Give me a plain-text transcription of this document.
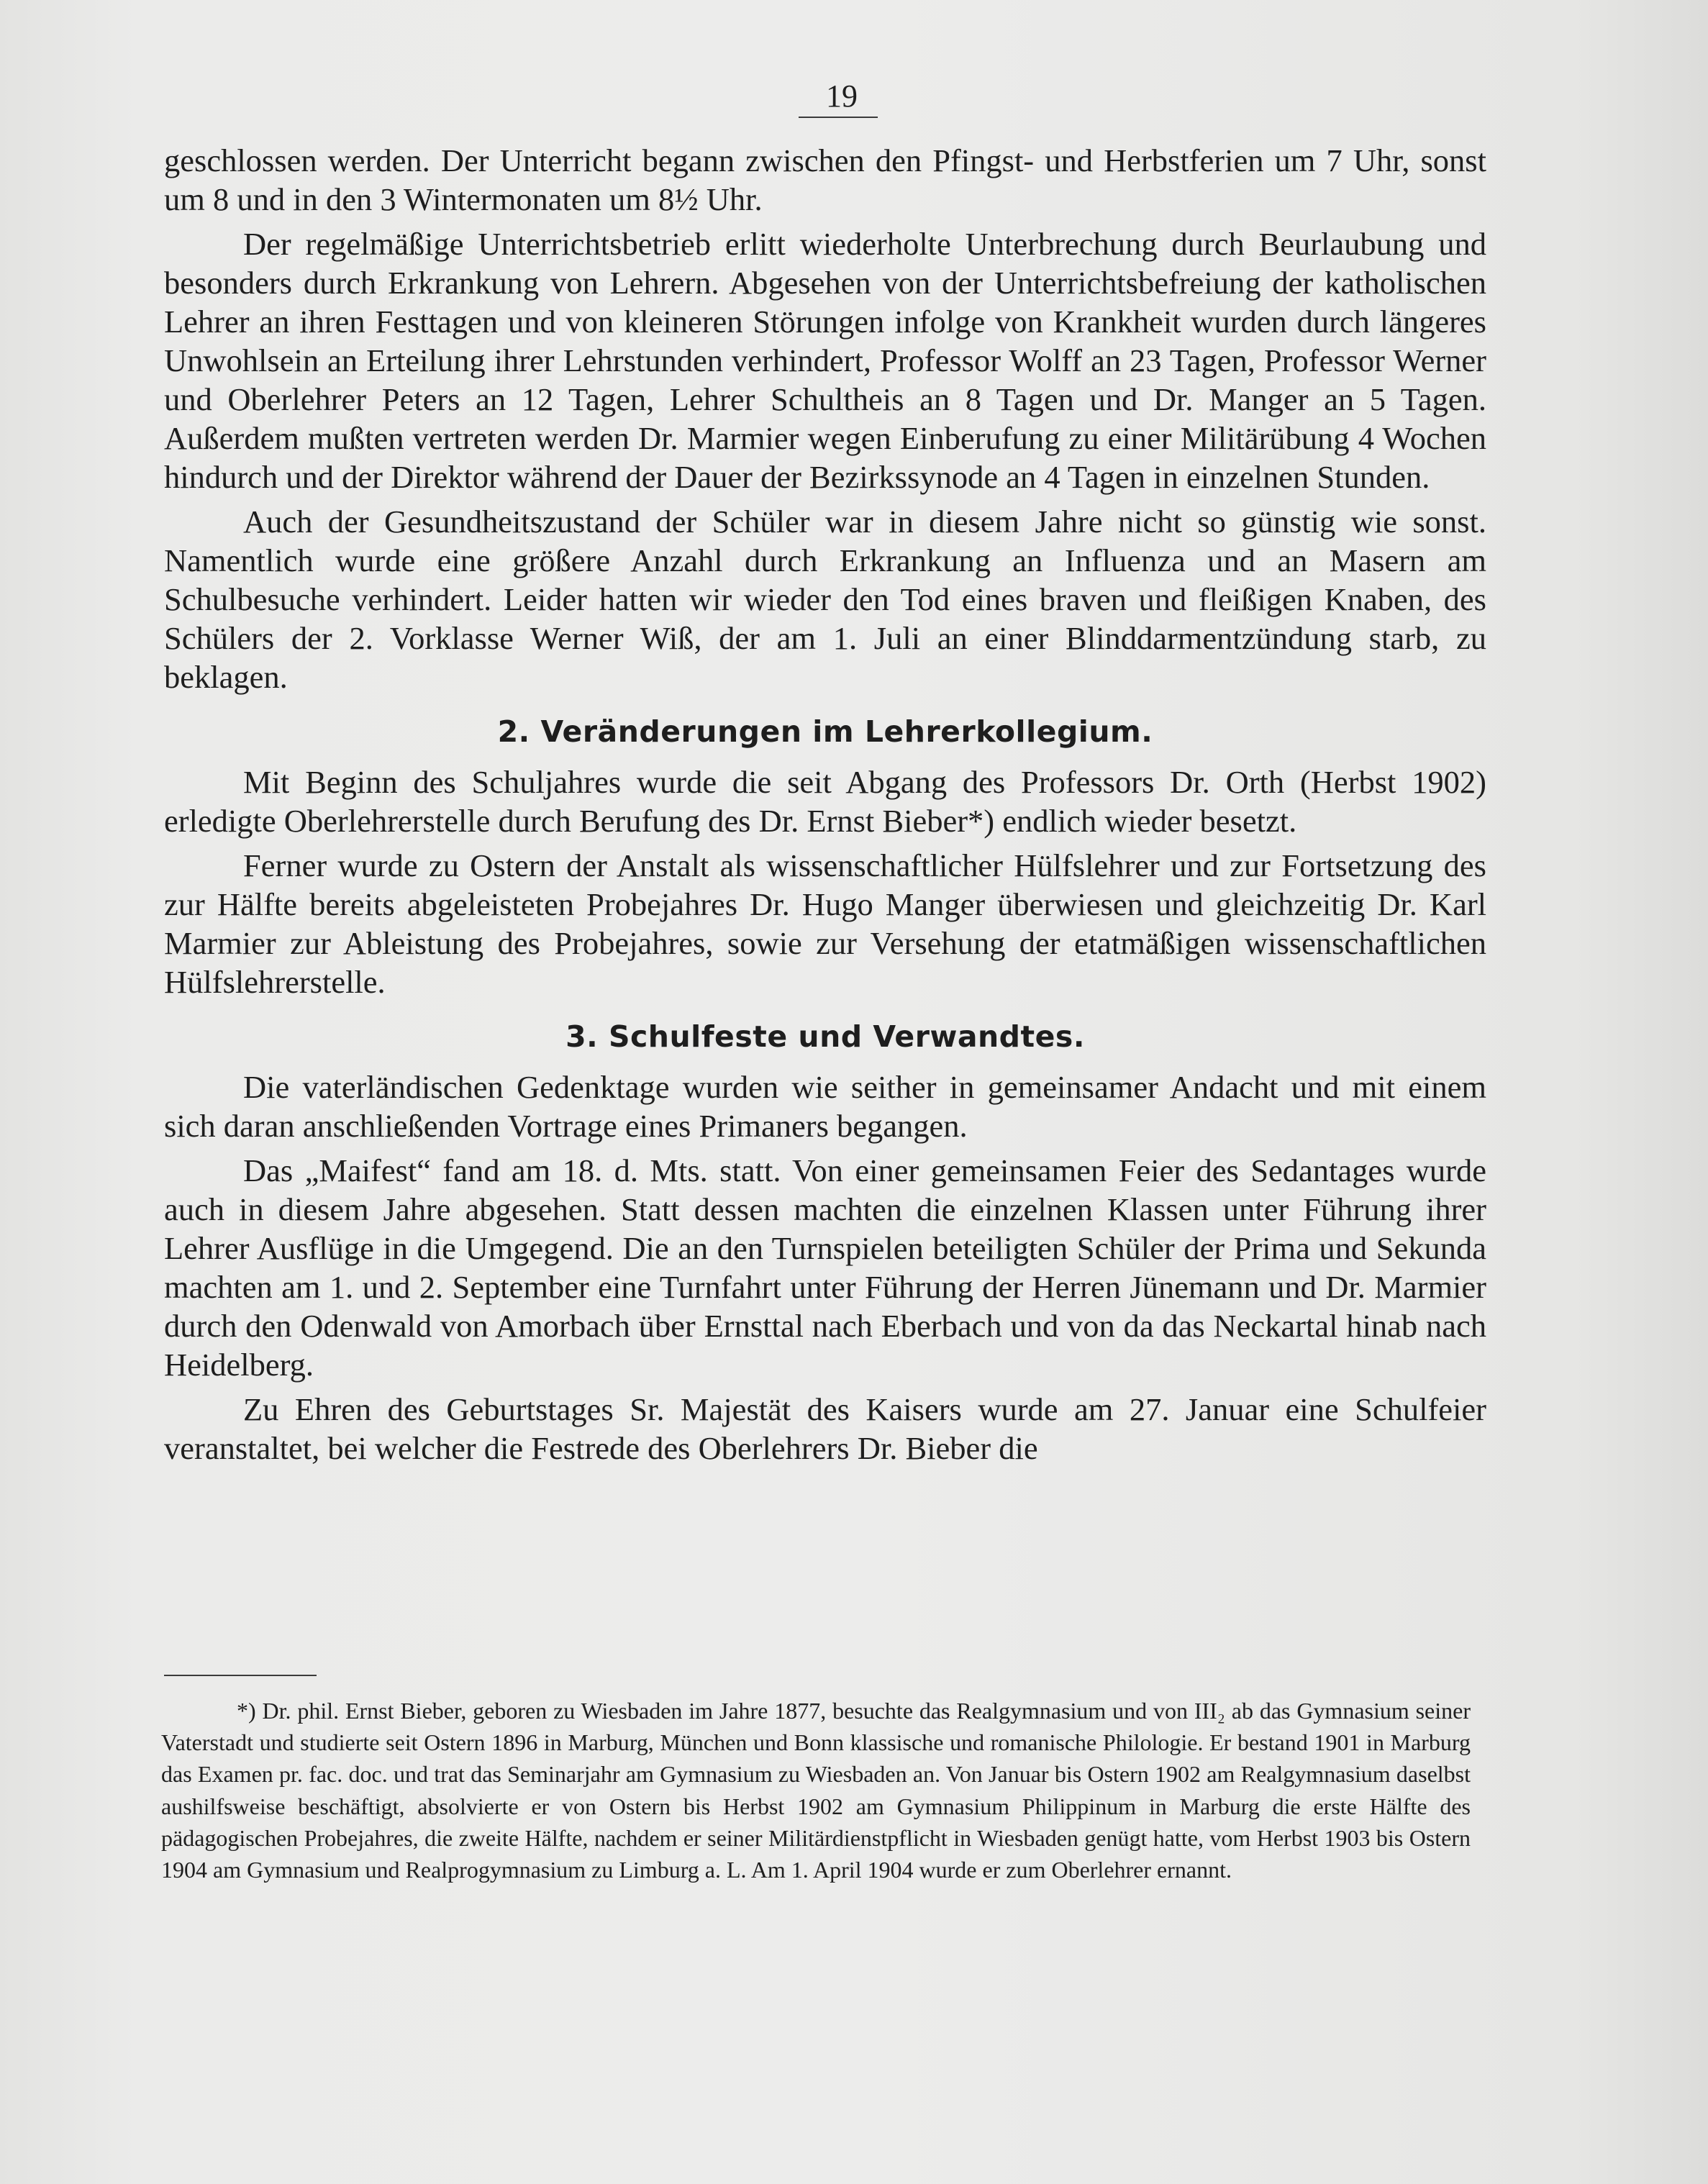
19

geschlossen werden. Der Unterricht begann zwischen den Pfingst- und Herbstferien um 7 Uhr, sonst um 8 und in den 3 Wintermonaten um 8½ Uhr.

Der regelmäßige Unterrichtsbetrieb erlitt wiederholte Unterbrechung durch Beurlaubung und besonders durch Erkrankung von Lehrern. Abgesehen von der Unterrichtsbefreiung der katholischen Lehrer an ihren Festtagen und von kleineren Störungen infolge von Krankheit wurden durch längeres Unwohlsein an Erteilung ihrer Lehrstunden verhindert, Professor Wolff an 23 Tagen, Professor Werner und Oberlehrer Peters an 12 Tagen, Lehrer Schultheis an 8 Tagen und Dr. Manger an 5 Tagen. Außerdem mußten vertreten werden Dr. Marmier wegen Einberufung zu einer Militärübung 4 Wochen hindurch und der Direktor während der Dauer der Bezirkssynode an 4 Tagen in einzelnen Stunden.

Auch der Gesundheitszustand der Schüler war in diesem Jahre nicht so günstig wie sonst. Namentlich wurde eine größere Anzahl durch Erkrankung an Influenza und an Masern am Schulbesuche verhindert. Leider hatten wir wieder den Tod eines braven und fleißigen Knaben, des Schülers der 2. Vorklasse Werner Wiß, der am 1. Juli an einer Blinddarmentzündung starb, zu beklagen.

2. Veränderungen im Lehrerkollegium.

Mit Beginn des Schuljahres wurde die seit Abgang des Professors Dr. Orth (Herbst 1902) erledigte Oberlehrerstelle durch Berufung des Dr. Ernst Bieber*) endlich wieder besetzt.

Ferner wurde zu Ostern der Anstalt als wissenschaftlicher Hülfslehrer und zur Fortsetzung des zur Hälfte bereits abgeleisteten Probejahres Dr. Hugo Manger überwiesen und gleichzeitig Dr. Karl Marmier zur Ableistung des Probejahres, sowie zur Versehung der etatmäßigen wissenschaftlichen Hülfslehrerstelle.

3. Schulfeste und Verwandtes.

Die vaterländischen Gedenktage wurden wie seither in gemeinsamer Andacht und mit einem sich daran anschließenden Vortrage eines Primaners begangen.

Das „Maifest“ fand am 18. d. Mts. statt. Von einer gemeinsamen Feier des Sedantages wurde auch in diesem Jahre abgesehen. Statt dessen machten die einzelnen Klassen unter Führung ihrer Lehrer Ausflüge in die Umgegend. Die an den Turnspielen beteiligten Schüler der Prima und Sekunda machten am 1. und 2. September eine Turnfahrt unter Führung der Herren Jünemann und Dr. Marmier durch den Odenwald von Amorbach über Ernsttal nach Eberbach und von da das Neckartal hinab nach Heidelberg.

Zu Ehren des Geburtstages Sr. Majestät des Kaisers wurde am 27. Januar eine Schulfeier veranstaltet, bei welcher die Festrede des Oberlehrers Dr. Bieber die

*) Dr. phil. Ernst Bieber, geboren zu Wiesbaden im Jahre 1877, besuchte das Realgymnasium und von III₂ ab das Gymnasium seiner Vaterstadt und studierte seit Ostern 1896 in Marburg, München und Bonn klassische und romanische Philologie. Er bestand 1901 in Marburg das Examen pr. fac. doc. und trat das Seminarjahr am Gymnasium zu Wiesbaden an. Von Januar bis Ostern 1902 am Realgymnasium daselbst aushilfsweise beschäftigt, absolvierte er von Ostern bis Herbst 1902 am Gymnasium Philippinum in Marburg die erste Hälfte des pädagogischen Probejahres, die zweite Hälfte, nachdem er seiner Militärdienstpflicht in Wiesbaden genügt hatte, vom Herbst 1903 bis Ostern 1904 am Gymnasium und Realprogymnasium zu Limburg a. L. Am 1. April 1904 wurde er zum Oberlehrer ernannt.
